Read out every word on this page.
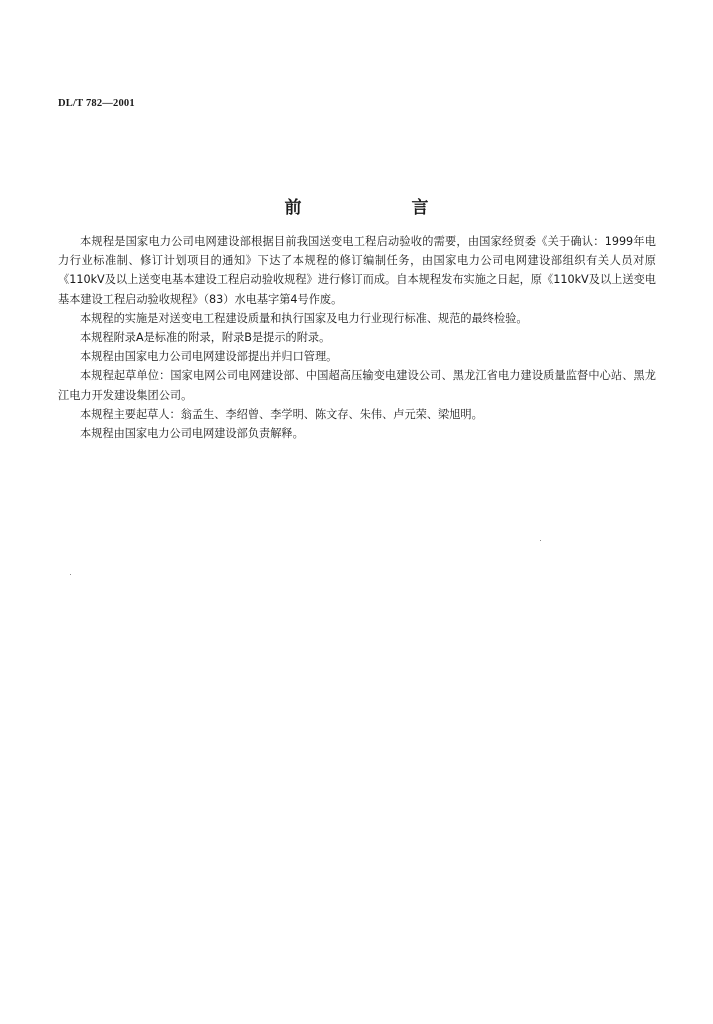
DL/T 782—2001
前 言

本规程是国家电力公司电网建设部根据目前我国送变电工程启动验收的需要，由国家经贸委《关于确认：1999年电力行业标准制、修订计划项目的通知》下达了本规程的修订编制任务，由国家电力公司电网建设部组织有关人员对原《110kV及以上送变电基本建设工程启动验收规程》进行修订而成。自本规程发布实施之日起，原《110kV及以上送变电基本建设工程启动验收规程》（83）水电基字第4号作废。

本规程的实施是对送变电工程建设质量和执行国家及电力行业现行标准、规范的最终检验。

本规程附录A是标准的附录，附录B是提示的附录。

本规程由国家电力公司电网建设部提出并归口管理。

本规程起草单位：国家电网公司电网建设部、中国超高压输变电建设公司、黑龙江省电力建设质量监督中心站、黑龙江电力开发建设集团公司。

本规程主要起草人：翁孟生、李绍曾、李学明、陈文存、朱伟、卢元荣、梁旭明。

本规程由国家电力公司电网建设部负责解释。
